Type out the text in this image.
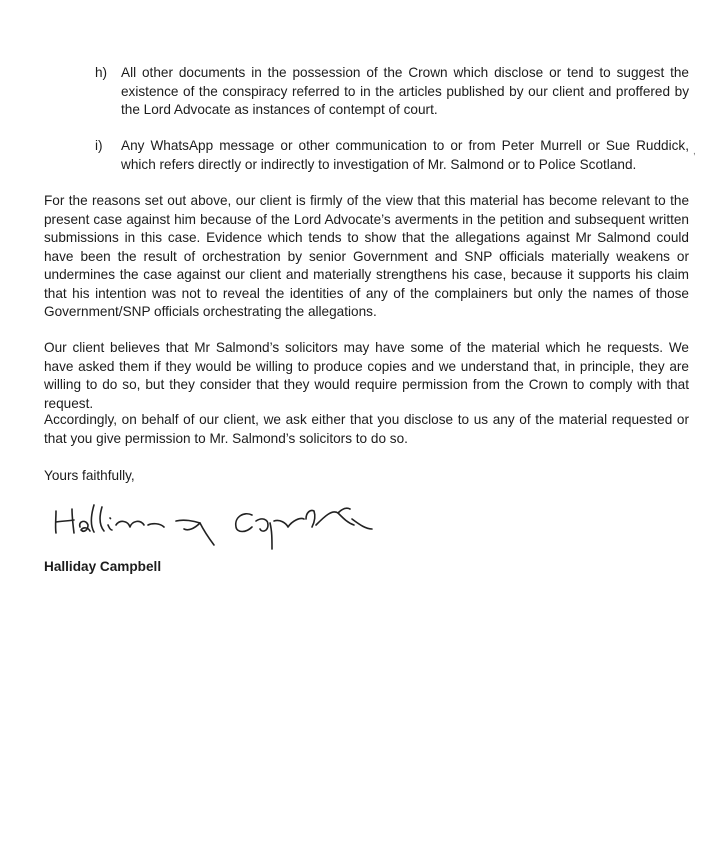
h)	All other documents in the possession of the Crown which disclose or tend to suggest the existence of the conspiracy referred to in the articles published by our client and proffered by the Lord Advocate as instances of contempt of court.
i)	Any WhatsApp message or other communication to or from Peter Murrell or Sue Ruddick, which refers directly or indirectly to investigation of Mr. Salmond or to Police Scotland.
,

For the reasons set out above, our client is firmly of the view that this material has become relevant to the present case against him because of the Lord Advocate’s averments in the petition and subsequent written submissions in this case. Evidence which tends to show that the allegations against Mr Salmond could have been the result of orchestration by senior Government and SNP officials materially weakens or undermines the case against our client and materially strengthens his case, because it supports his claim that his intention was not to reveal the identities of any of the complainers but only the names of those Government/SNP officials orchestrating the allegations.

Our client believes that Mr Salmond’s solicitors may have some of the material which he requests. We have asked them if they would be willing to produce copies and we understand that, in principle, they are willing to do so, but they consider that they would require permission from the Crown to comply with that request.

Accordingly, on behalf of our client, we ask either that you disclose to us any of the material requested or that you give permission to Mr. Salmond’s solicitors to do so.

Yours faithfully,

Halliday Campbell
